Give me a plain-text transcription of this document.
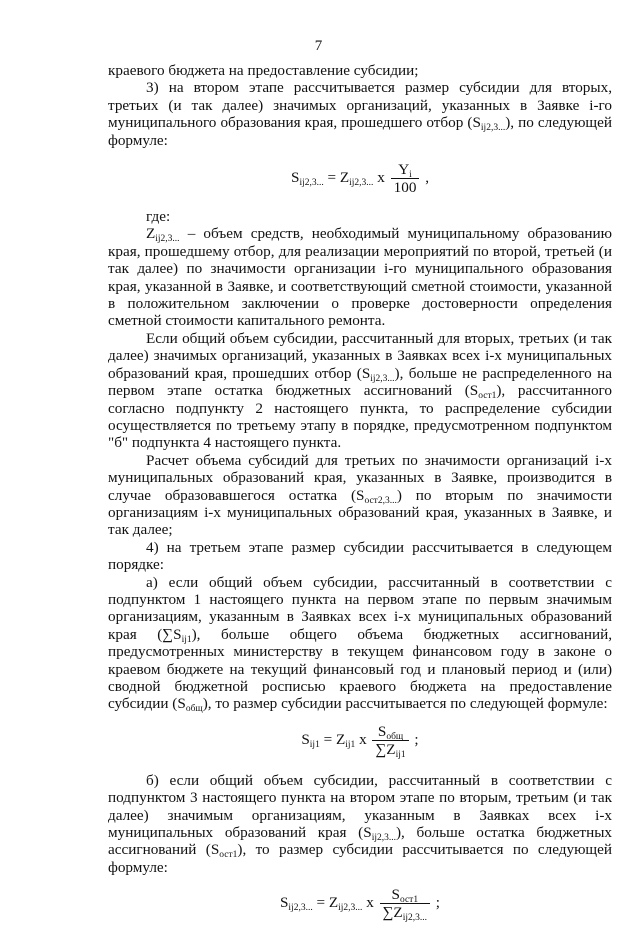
7

краевого бюджета на предоставление субсидии;

3) на втором этапе рассчитывается размер субсидии для вторых, третьих (и так далее) значимых организаций, указанных в Заявке i-го муниципального образования края, прошедшего отбор $(S_{ij2,3...})$, по следующей формуле:

$S_{ij2,3...} = Z_{ij2,3...}$ x $\frac{Y_i}{100}$ ,

где:

$Z_{ij2,3...}$ – объем средств, необходимый муниципальному образованию края, прошедшему отбор, для реализации мероприятий по второй, третьей (и так далее) по значимости организации i-го муниципального образования края, указанной в Заявке, и соответствующий сметной стоимости, указанной в положительном заключении о проверке достоверности определения сметной стоимости капитального ремонта.

Если общий объем субсидии, рассчитанный для вторых, третьих (и так далее) значимых организаций, указанных в Заявках всех i-х муниципальных образований края, прошедших отбор $(S_{ij2,3...})$, больше не распределенного на первом этапе остатка бюджетных ассигнований $(S_{ост1})$, рассчитанного согласно подпункту 2 настоящего пункта, то распределение субсидии осуществляется по третьему этапу в порядке, предусмотренном подпунктом "б" подпункта 4 настоящего пункта.

Расчет объема субсидий для третьих по значимости организаций i-х муниципальных образований края, указанных в Заявке, производится в случае образовавшегося остатка $(S_{ост2,3...})$ по вторым по значимости организациям i-х муниципальных образований края, указанных в Заявке, и так далее;

4) на третьем этапе размер субсидии рассчитывается в следующем порядке:

а) если общий объем субсидии, рассчитанный в соответствии с подпунктом 1 настоящего пункта на первом этапе по первым значимым организациям, указанным в Заявках всех i-х муниципальных образований края $(\sum S_{ij1})$, больше общего объема бюджетных ассигнований, предусмотренных министерству в текущем финансовом году в законе о краевом бюджете на текущий финансовый год и плановый период и (или) сводной бюджетной росписью краевого бюджета на предоставление субсидии $(S_{общ})$, то размер субсидии рассчитывается по следующей формуле:

$S_{ij1} = Z_{ij1}$ x $\frac{S_{общ}}{\sum Z_{ij1}}$ ;

б) если общий объем субсидии, рассчитанный в соответствии с подпунктом 3 настоящего пункта на втором этапе по вторым, третьим (и так далее) значимым организациям, указанным в Заявках всех i-х муниципальных образований края $(S_{ij2,3...})$, больше остатка бюджетных ассигнований $(S_{ост1})$, то размер субсидии рассчитывается по следующей формуле:

$S_{ij2,3...} = Z_{ij2,3...}$ x $\frac{S_{ост1}}{\sum Z_{ij2,3...}}$ ;
